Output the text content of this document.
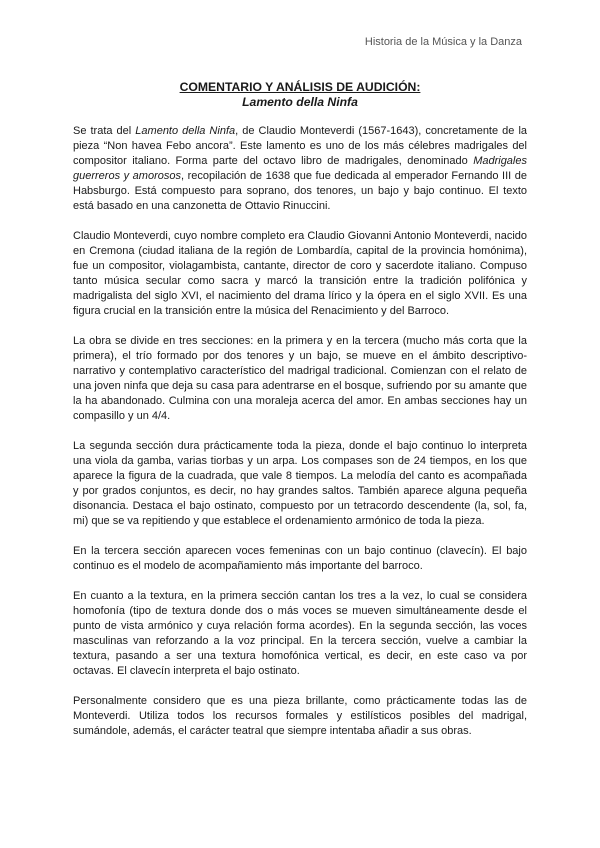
Historia de la Música y la Danza
COMENTARIO Y ANÁLISIS DE AUDICIÓN:
Lamento della Ninfa

Se trata del Lamento della Ninfa, de Claudio Monteverdi (1567-1643), concretamente de la pieza “Non havea Febo ancora”. Este lamento es uno de los más célebres madrigales del compositor italiano. Forma parte del octavo libro de madrigales, denominado Madrigales guerreros y amorosos, recopilación de 1638 que fue dedicada al emperador Fernando III de Habsburgo. Está compuesto para soprano, dos tenores, un bajo y bajo continuo. El texto está basado en una canzonetta de Ottavio Rinuccini.

Claudio Monteverdi, cuyo nombre completo era Claudio Giovanni Antonio Monteverdi, nacido en Cremona (ciudad italiana de la región de Lombardía, capital de la provincia homónima), fue un compositor, violagambista, cantante, director de coro y sacerdote italiano. Compuso tanto música secular como sacra y marcó la transición entre la tradición polifónica y madrigalista del siglo XVI, el nacimiento del drama lírico y la ópera en el siglo XVII. Es una figura crucial en la transición entre la música del Renacimiento y del Barroco.

La obra se divide en tres secciones: en la primera y en la tercera (mucho más corta que la primera), el trío formado por dos tenores y un bajo, se mueve en el ámbito descriptivo-narrativo y contemplativo característico del madrigal tradicional. Comienzan con el relato de una joven ninfa que deja su casa para adentrarse en el bosque, sufriendo por su amante que la ha abandonado. Culmina con una moraleja acerca del amor. En ambas secciones hay un compasillo y un 4/4.

La segunda sección dura prácticamente toda la pieza, donde el bajo continuo lo interpreta una viola da gamba, varias tiorbas y un arpa. Los compases son de 24 tiempos, en los que aparece la figura de la cuadrada, que vale 8 tiempos. La melodía del canto es acompañada y por grados conjuntos, es decir, no hay grandes saltos. También aparece alguna pequeña disonancia. Destaca el bajo ostinato, compuesto por un tetracordo descendente (la, sol, fa, mi) que se va repitiendo y que establece el ordenamiento armónico de toda la pieza.

En la tercera sección aparecen voces femeninas con un bajo continuo (clavecín). El bajo continuo es el modelo de acompañamiento más importante del barroco.

En cuanto a la textura, en la primera sección cantan los tres a la vez, lo cual se considera homofonía (tipo de textura donde dos o más voces se mueven simultáneamente desde el punto de vista armónico y cuya relación forma acordes). En la segunda sección, las voces masculinas van reforzando a la voz principal. En la tercera sección, vuelve a cambiar la textura, pasando a ser una textura homofónica vertical, es decir, en este caso va por octavas. El clavecín interpreta el bajo ostinato.

Personalmente considero que es una pieza brillante, como prácticamente todas las de Monteverdi. Utiliza todos los recursos formales y estilísticos posibles del madrigal, sumándole, además, el carácter teatral que siempre intentaba añadir a sus obras.
